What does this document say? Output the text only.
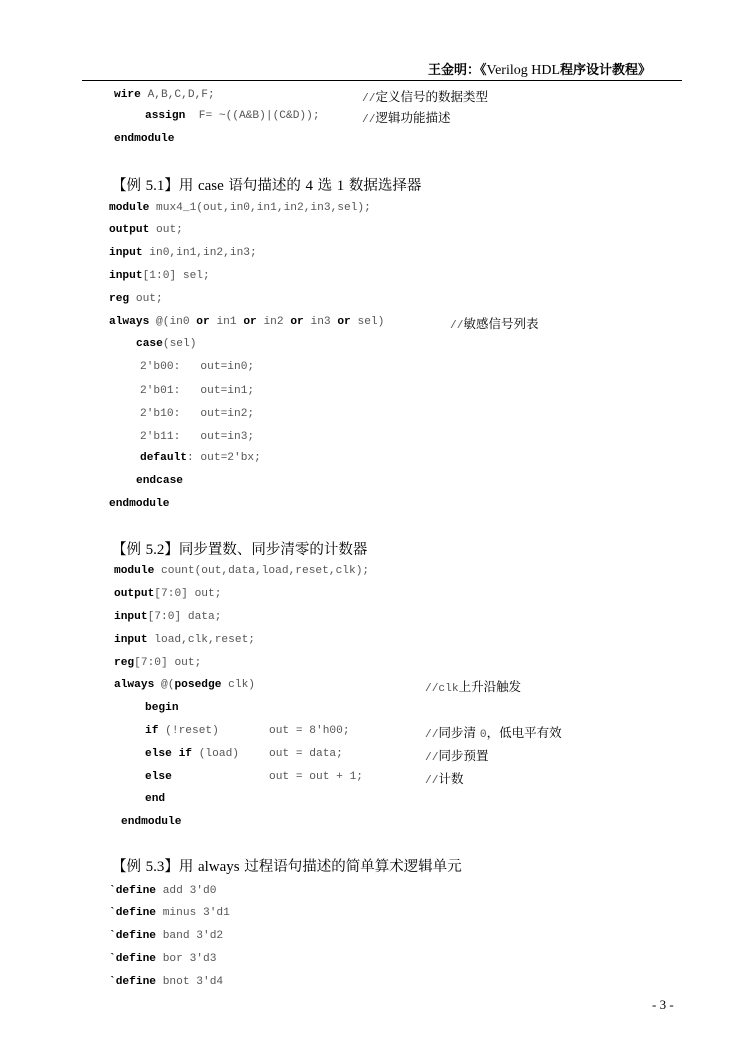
王金明：《Verilog HDL程序设计教程》
wire A,B,C,D,F;	//定义信号的数据类型
assign  F= ~((A&B)|(C&D));	//逻辑功能描述
endmodule
【例 5.1】用 case 语句描述的 4 选 1 数据选择器
module mux4_1(out,in0,in1,in2,in3,sel);
output out;
input in0,in1,in2,in3;
input[1:0] sel;
reg out;
always @(in0 or in1 or in2 or in3 or sel)	//敏感信号列表
case(sel)
2'b00:   out=in0;
2'b01:   out=in1;
2'b10:   out=in2;
2'b11:   out=in3;
default: out=2'bx;
endcase
endmodule
【例 5.2】同步置数、同步清零的计数器
module count(out,data,load,reset,clk);
output[7:0] out;
input[7:0] data;
input load,clk,reset;
reg[7:0] out;
always @(posedge clk)	//clk上升沿触发
begin
if (!reset)	out = 8'h00;	//同步清 0，低电平有效
else if (load)	out = data;	//同步预置
else	out = out + 1;	//计数
end
endmodule
【例 5.3】用 always 过程语句描述的简单算术逻辑单元
`define add 3'd0
`define minus 3'd1
`define band 3'd2
`define bor 3'd3
`define bnot 3'd4
- 3 -
